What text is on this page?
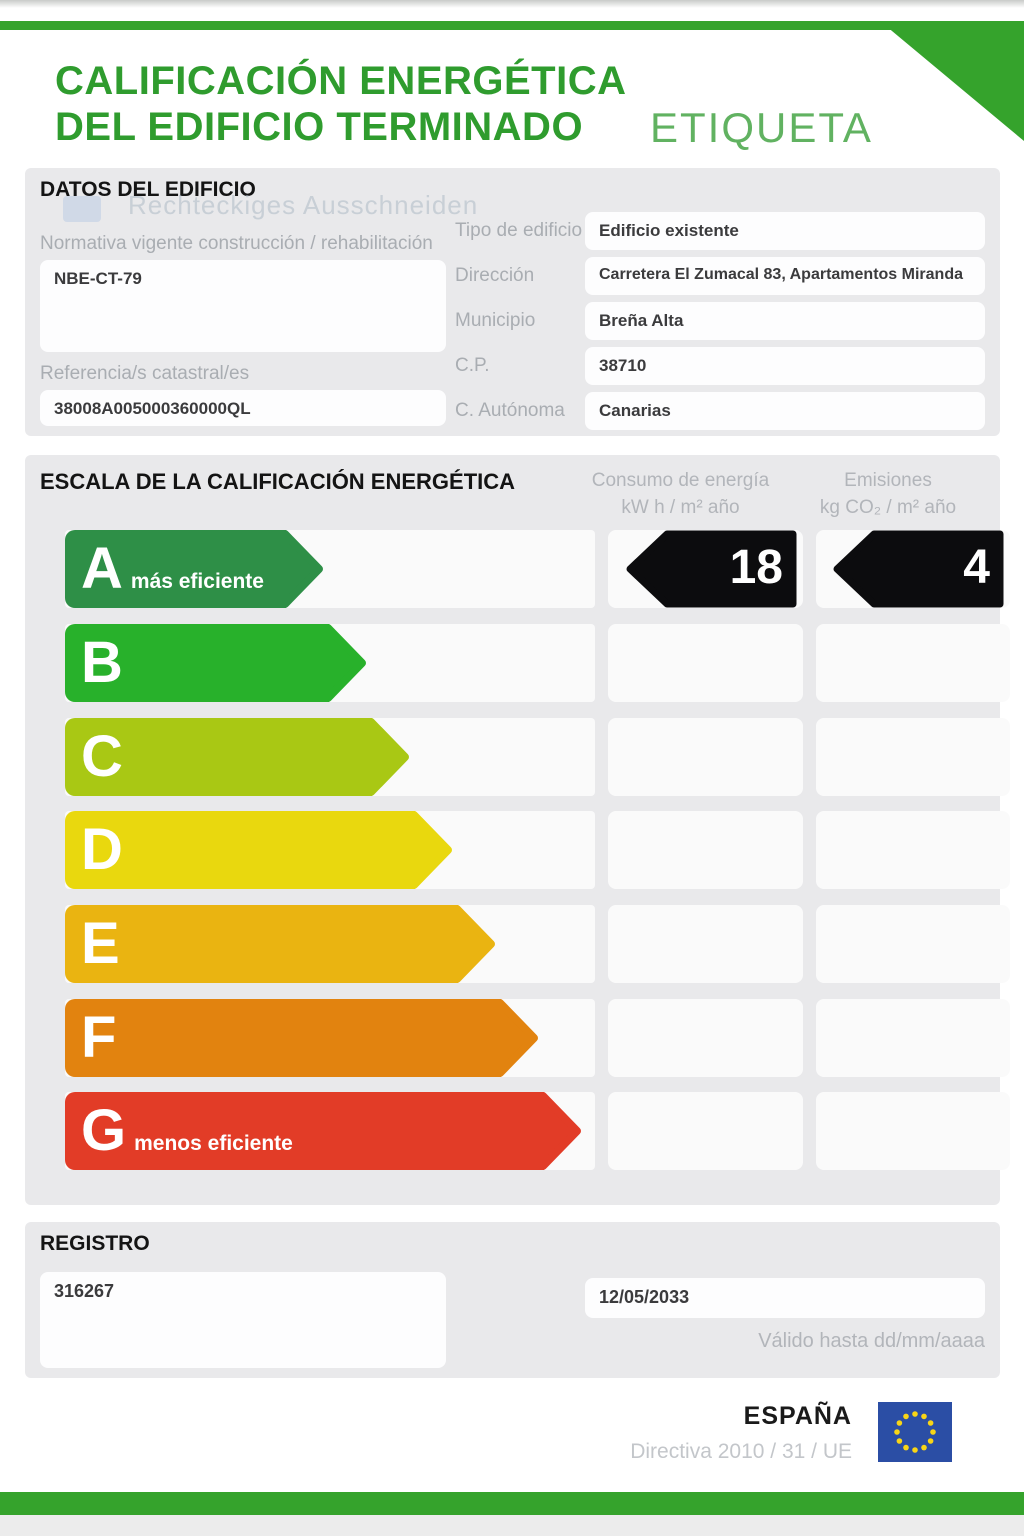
CALIFICACIÓN ENERGÉTICA
DEL EDIFICIO TERMINADO	ETIQUETA
DATOS DEL EDIFICIO
Rechteckiges Ausschneiden
Normativa vigente construcción / rehabilitación
NBE-CT-79
Referencia/s catastral/es
38008A005000360000QL
Tipo de edificio Edificio existente
Dirección	Carretera El Zumacal 83, Apartamentos Miranda
Municipio	Breña Alta
C.P.	38710
C. Autónoma	Canarias
ESCALA DE LA CALIFICACIÓN ENERGÉTICA	Consumo de energía
kW h / m² año
Emisiones
kg CO₂ / m² año
18	4
A más eficiente
B
C
D
E
F
G menos eficiente
REGISTRO
316267	12/05/2033
Válido hasta dd/mm/aaaa
ESPAÑA
Directiva 2010 / 31 / UE
